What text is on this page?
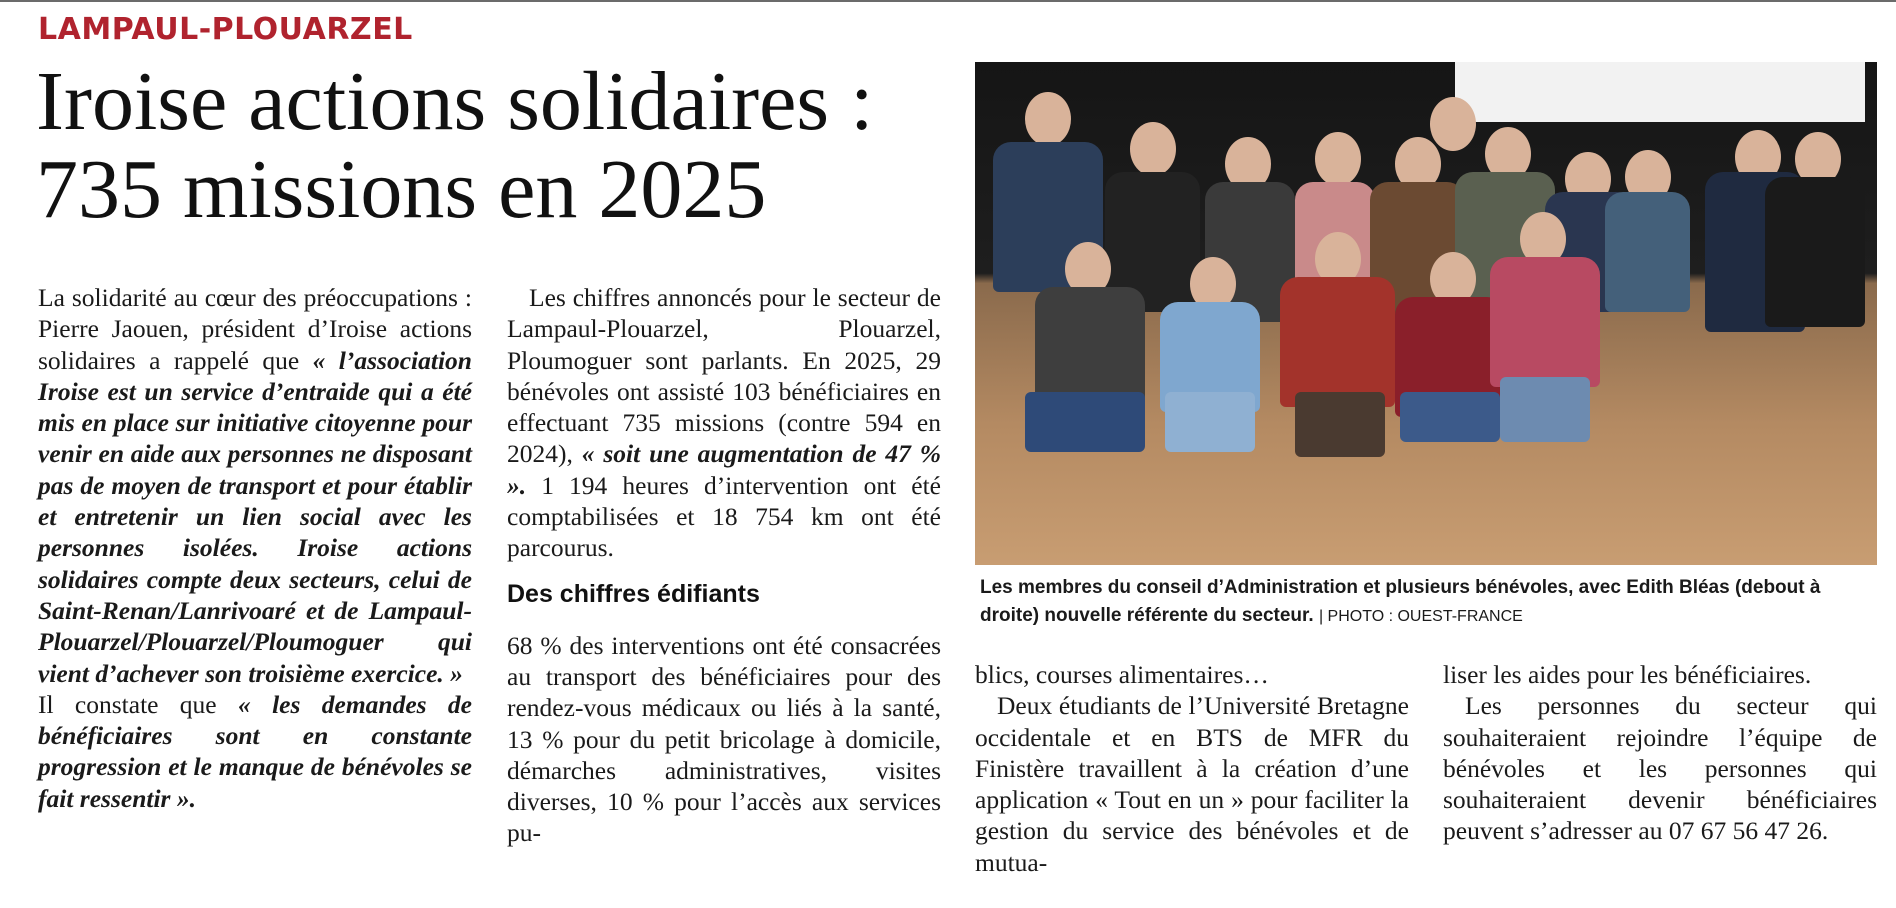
LAMPAUL-PLOUARZEL
Iroise actions solidaires :
735 missions en 2025

La solidarité au cœur des préoccupations : Pierre Jaouen, président d’Iroise actions solidaires a rappelé que « l’association Iroise est un service d’entraide qui a été mis en place sur initiative citoyenne pour venir en aide aux personnes ne disposant pas de moyen de transport et pour établir et entretenir un lien social avec les personnes isolées. Iroise actions solidaires compte deux secteurs, celui de Saint-Renan/Lanrivoaré et de Lampaul-Plouarzel/Plouarzel/Ploumoguer qui vient d’achever son troisième exercice. »

Il constate que « les demandes de bénéficiaires sont en constante progression et le manque de bénévoles se fait ressentir ».

Les chiffres annoncés pour le secteur de Lampaul-Plouarzel, Plouarzel, Ploumoguer sont parlants. En 2025, 29 bénévoles ont assisté 103 bénéficiaires en effectuant 735 missions (contre 594 en 2024), « soit une augmentation de 47 % ». 1 194 heures d’intervention ont été comptabilisées et 18 754 km ont été parcourus.

Des chiffres édifiants

68 % des interventions ont été consacrées au transport des bénéficiaires pour des rendez-vous médicaux ou liés à la santé, 13 % pour du petit bricolage à domicile, démarches administratives, visites diverses, 10 % pour l’accès aux services pu-

Les membres du conseil d’Administration et plusieurs bénévoles, avec Edith Bléas (debout à droite) nouvelle référente du secteur. | PHOTO : OUEST-FRANCE

blics, courses alimentaires…

Deux étudiants de l’Université Bretagne occidentale et en BTS de MFR du Finistère travaillent à la création d’une application « Tout en un » pour faciliter la gestion du service des bénévoles et de mutua-

liser les aides pour les bénéficiaires.

Les personnes du secteur qui souhaiteraient rejoindre l’équipe de bénévoles et les personnes qui souhaiteraient devenir bénéficiaires peuvent s’adresser au 07 67 56 47 26.
